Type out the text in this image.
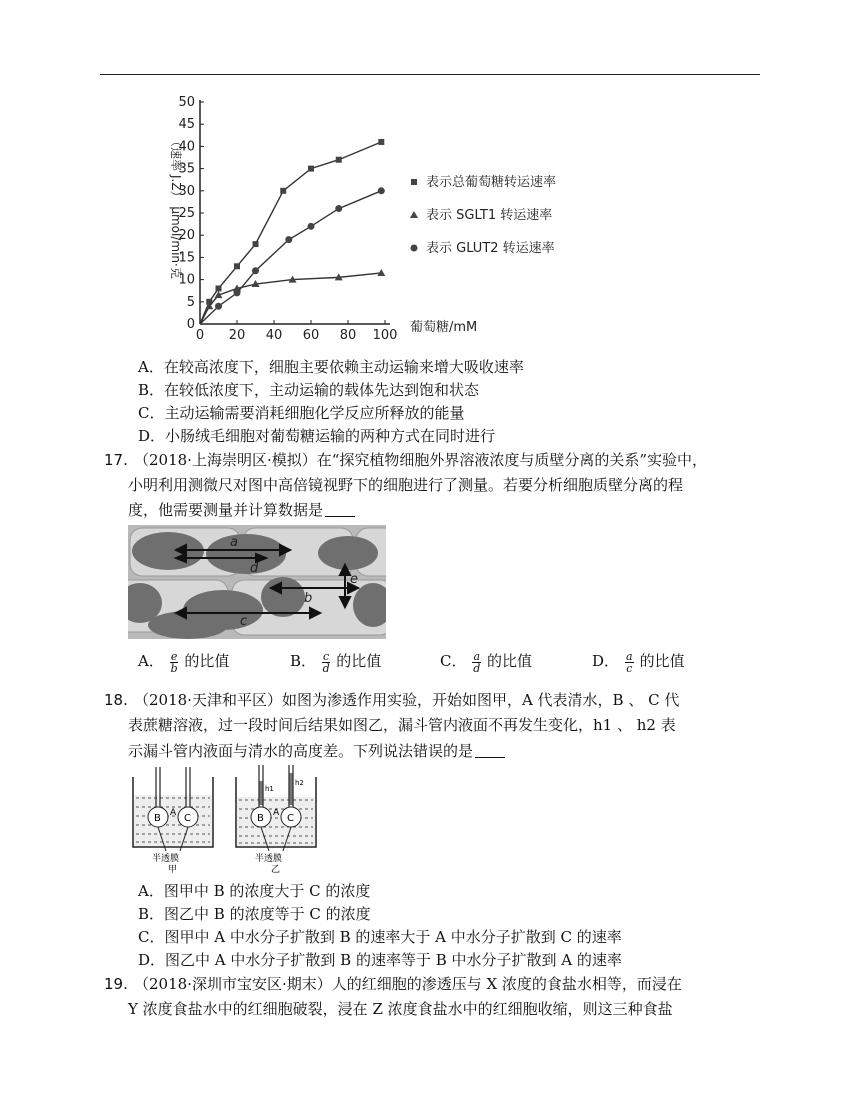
（速率 J.Z） μmol/min·克
0 20 40 60 80 100
0
5
10
15
20
25
30
35
40
45
50
表示总葡萄糖转运速率
表示 SGLT1 转运速率
表示 GLUT2 转运速率
葡萄糖/mM
A．在较高浓度下，细胞主要依赖主动运输来增大吸收速率
B．在较低浓度下，主动运输的载体先达到饱和状态
C．主动运输需要消耗细胞化学反应所释放的能量
D．小肠绒毛细胞对葡萄糖运输的两种方式在同时进行
17. （2018·上海崇明区·模拟）在“探究植物细胞外界溶液浓度与质壁分离的关系”实验中，
小明利用测微尺对图中高倍镜视野下的细胞进行了测量。若要分析细胞质壁分离的程
度，他需要测量并计算数据是
a
d
e
b
c
A． $\frac{e}{b}$ 的比值	B． $\frac{c}{d}$ 的比值	C． $\frac{a}{d}$ 的比值	D． $\frac{a}{c}$ 的比值
18. （2018·天津和平区）如图为渗透作用实验，开始如图甲，A 代表清水，B 、 C 代
表蔗糖溶液，过一段时间后结果如图乙，漏斗管内液面不再发生变化，h1 、 h2 表
示漏斗管内液面与清水的高度差。下列说法错误的是
B C
A
半透膜
甲
h1
h2
B C
A
半透膜
乙
A．图甲中 B 的浓度大于 C 的浓度
B．图乙中 B 的浓度等于 C 的浓度
C．图甲中 A 中水分子扩散到 B 的速率大于 A 中水分子扩散到 C 的速率
D．图乙中 A 中水分子扩散到 B 的速率等于 B 中水分子扩散到 A 的速率
19. （2018·深圳市宝安区·期末）人的红细胞的渗透压与 X 浓度的食盐水相等，而浸在
Y 浓度食盐水中的红细胞破裂，浸在 Z 浓度食盐水中的红细胞收缩，则这三种食盐
